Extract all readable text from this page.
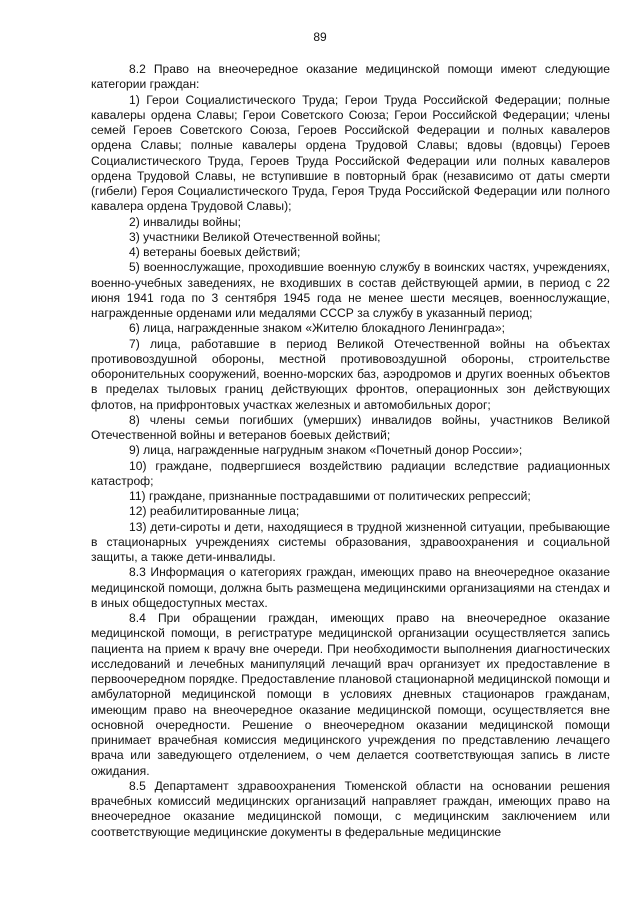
89

8.2 Право на внеочередное оказание медицинской помощи имеют следующие категории граждан:

1) Герои Социалистического Труда; Герои Труда Российской Федерации; полные кавалеры ордена Славы; Герои Советского Союза; Герои Российской Федерации; члены семей Героев Советского Союза, Героев Российской Федерации и полных кавалеров ордена Славы; полные кавалеры ордена Трудовой Славы; вдовы (вдовцы) Героев Социалистического Труда, Героев Труда Российской Федерации или полных кавалеров ордена Трудовой Славы, не вступившие в повторный брак (независимо от даты смерти (гибели) Героя Социалистического Труда, Героя Труда Российской Федерации или полного кавалера ордена Трудовой Славы);

2) инвалиды войны;

3) участники Великой Отечественной войны;

4) ветераны боевых действий;

5) военнослужащие, проходившие военную службу в воинских частях, учреждениях, военно-учебных заведениях, не входивших в состав действующей армии, в период с 22 июня 1941 года по 3 сентября 1945 года не менее шести месяцев, военнослужащие, награжденные орденами или медалями СССР за службу в указанный период;

6) лица, награжденные знаком «Жителю блокадного Ленинграда»;

7) лица, работавшие в период Великой Отечественной войны на объектах противовоздушной обороны, местной противовоздушной обороны, строительстве оборонительных сооружений, военно-морских баз, аэродромов и других военных объектов в пределах тыловых границ действующих фронтов, операционных зон действующих флотов, на прифронтовых участках железных и автомобильных дорог;

8) члены семьи погибших (умерших) инвалидов войны, участников Великой Отечественной войны и ветеранов боевых действий;

9) лица, награжденные нагрудным знаком «Почетный донор России»;

10) граждане, подвергшиеся воздействию радиации вследствие радиационных катастроф;

11) граждане, признанные пострадавшими от политических репрессий;

12) реабилитированные лица;

13) дети-сироты и дети, находящиеся в трудной жизненной ситуации, пребывающие в стационарных учреждениях системы образования, здравоохранения и социальной защиты, а также дети-инвалиды.

8.3 Информация о категориях граждан, имеющих право на внеочередное оказание медицинской помощи, должна быть размещена медицинскими организациями на стендах и в иных общедоступных местах.

8.4 При обращении граждан, имеющих право на внеочередное оказание медицинской помощи, в регистратуре медицинской организации осуществляется запись пациента на прием к врачу вне очереди. При необходимости выполнения диагностических исследований и лечебных манипуляций лечащий врач организует их предоставление в первоочередном порядке. Предоставление плановой стационарной медицинской помощи и амбулаторной медицинской помощи в условиях дневных стационаров гражданам, имеющим право на внеочередное оказание медицинской помощи, осуществляется вне основной очередности. Решение о внеочередном оказании медицинской помощи принимает врачебная комиссия медицинского учреждения по представлению лечащего врача или заведующего отделением, о чем делается соответствующая запись в листе ожидания.

8.5 Департамент здравоохранения Тюменской области на основании решения врачебных комиссий медицинских организаций направляет граждан, имеющих право на внеочередное оказание медицинской помощи, с медицинским заключением или соответствующие медицинские документы в федеральные медицинские
